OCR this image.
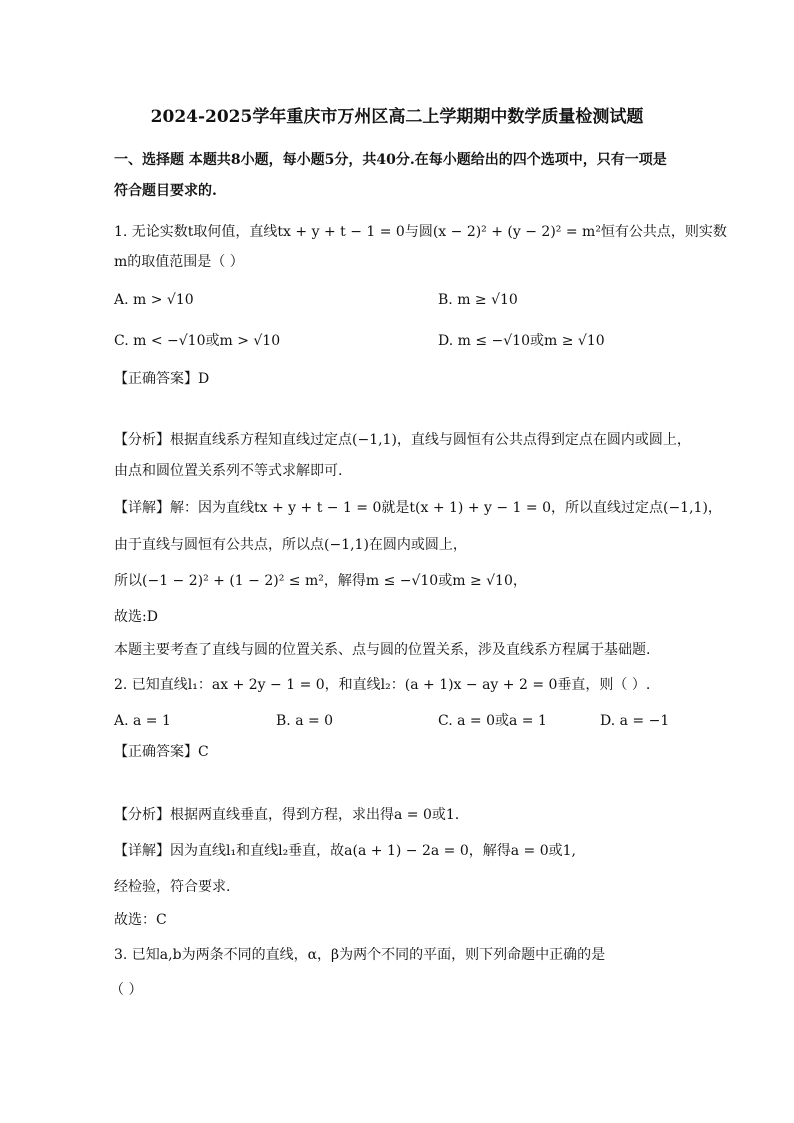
2024-2025学年重庆市万州区高二上学期期中数学质量检测试题
一、选择题 本题共8小题，每小题5分，共40分.在每小题给出的四个选项中，只有一项是
符合题目要求的.
1. 无论实数t取何值，直线tx + y + t − 1 = 0与圆(x − 2)² + (y − 2)² = m²恒有公共点，则实数
m的取值范围是（ ）
A. m > √10	B. m ≥ √10
C. m < −√10或m > √10	D. m ≤ −√10或m ≥ √10
【正确答案】D
【分析】根据直线系方程知直线过定点(−1,1)，直线与圆恒有公共点得到定点在圆内或圆上，
由点和圆位置关系列不等式求解即可.
【详解】解：因为直线tx + y + t − 1 = 0就是t(x + 1) + y − 1 = 0，所以直线过定点(−1,1)，
由于直线与圆恒有公共点，所以点(−1,1)在圆内或圆上，
所以(−1 − 2)² + (1 − 2)² ≤ m²，解得m ≤ −√10或m ≥ √10，
故选:D
本题主要考查了直线与圆的位置关系、点与圆的位置关系，涉及直线系方程属于基础题.
2. 已知直线l₁：ax + 2y − 1 = 0，和直线l₂：(a + 1)x − ay + 2 = 0垂直，则（ ）.
A. a = 1	B. a = 0	C. a = 0或a = 1	D. a = −1
【正确答案】C
【分析】根据两直线垂直，得到方程，求出得a = 0或1.
【详解】因为直线l₁和直线l₂垂直，故a(a + 1) − 2a = 0，解得a = 0或1,
经检验，符合要求.
故选：C
3. 已知a,b为两条不同的直线，α，β为两个不同的平面，则下列命题中正确的是
（ ）
